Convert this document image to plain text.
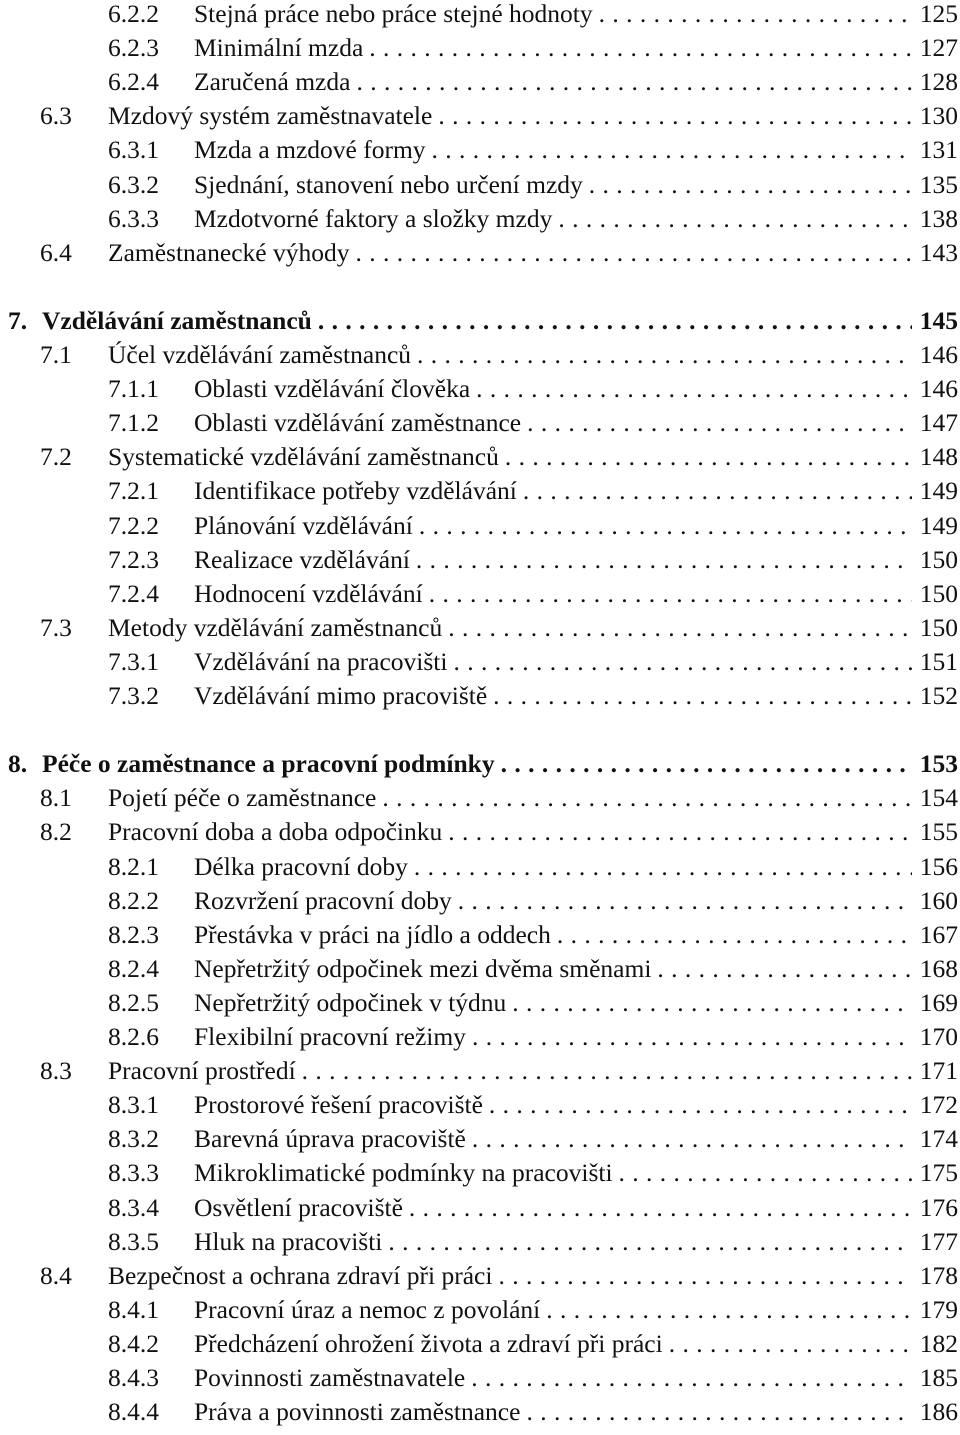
6.2.2 Stejná práce nebo práce stejné hodnoty . . .	125
6.2.3 Minimální mzda . . .	127
6.2.4 Zaručená mzda . . .	128
6.3 Mzdový systém zaměstnavatele . . .	130
6.3.1 Mzda a mzdové formy . . .	131
6.3.2 Sjednání, stanovení nebo určení mzdy . . .	135
6.3.3 Mzdotvorné faktory a složky mzdy . . .	138
6.4 Zaměstnanecké výhody . . .	143
7. Vzdělávání zaměstnanců . . .	145
7.1 Účel vzdělávání zaměstnanců . . .	146
7.1.1 Oblasti vzdělávání člověka . . .	146
7.1.2 Oblasti vzdělávání zaměstnance . . .	147
7.2 Systematické vzdělávání zaměstnanců . . .	148
7.2.1 Identifikace potřeby vzdělávání . . .	149
7.2.2 Plánování vzdělávání . . .	149
7.2.3 Realizace vzdělávání . . .	150
7.2.4 Hodnocení vzdělávání . . .	150
7.3 Metody vzdělávání zaměstnanců . . .	150
7.3.1 Vzdělávání na pracovišti . . .	151
7.3.2 Vzdělávání mimo pracoviště . . .	152
8. Péče o zaměstnance a pracovní podmínky . . .	153
8.1 Pojetí péče o zaměstnance . . .	154
8.2 Pracovní doba a doba odpočinku . . .	155
8.2.1 Délka pracovní doby . . .	156
8.2.2 Rozvržení pracovní doby . . .	160
8.2.3 Přestávka v práci na jídlo a oddech . . .	167
8.2.4 Nepřetržitý odpočinek mezi dvěma směnami . . .	168
8.2.5 Nepřetržitý odpočinek v týdnu . . .	169
8.2.6 Flexibilní pracovní režimy . . .	170
8.3 Pracovní prostředí . . .	171
8.3.1 Prostorové řešení pracoviště . . .	172
8.3.2 Barevná úprava pracoviště . . .	174
8.3.3 Mikroklimatické podmínky na pracovišti . . .	175
8.3.4 Osvětlení pracoviště . . .	176
8.3.5 Hluk na pracovišti . . .	177
8.4 Bezpečnost a ochrana zdraví při práci . . .	178
8.4.1 Pracovní úraz a nemoc z povolání . . .	179
8.4.2 Předcházení ohrožení života a zdraví při práci . . .	182
8.4.3 Povinnosti zaměstnavatele . . .	185
8.4.4 Práva a povinnosti zaměstnance . . .	186
